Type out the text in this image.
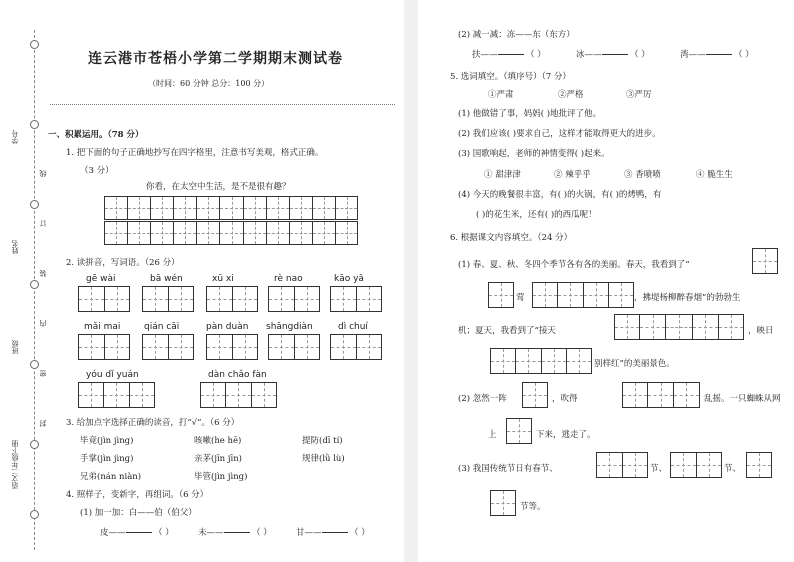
学号
姓名
班级
语文二年级下册
线
订
装
内
密
封
连云港市苍梧小学第二学期期末测试卷
（时间：60 分钟 总分：100 分）
一、积累运用。（78 分）
1. 把下面的句子正确地抄写在四字格里，注意书写美观，格式正确。
（3 分）
你看，在太空中生活，是不是很有趣？
2. 读拼音，写词语。（26 分）
gē wài	bā wén	xū xi	rè nao	kāo yā
mǎi mai	qián cāi	pàn duàn shāngdiàn	dì chuí
yóu dǐ yuán	dàn chǎo fàn
3. 给加点字选择正确的读音，打“√”。（6 分）
毕竟(jìn jìng)	咳嗽(he hē)	提防(dī tí)
手掌(jìn jìng)	亲茅(jīn jīn)	规律(lǜ lù)
兄弟(nán niàn)	毕管(jìn jìng)
4. 照样子，变新字，再组词。（6 分）
(1) 加一加：白——伯（伯父）
皮——	（ ）	未——	（ ）	甘——	（ ）
(2) 减一减：冻——东（东方）
扶——	（ ）	冰——	（ ）	湾——	（ ）
5. 选词填空。（填序号）（7 分）
①严肃	②严格	③严厉
(1) 他做错了事，妈妈( )地批评了他。
(2) 我们应该( )要求自己，这样才能取得更大的进步。
(3) 国歌响起，老师的神情变得( )起来。
① 甜津津	② 辣乎乎	③ 香喷喷	④ 脆生生
(4) 今天的晚餐很丰富，有( )的火锅，有( )的烤鸭，有
( )的花生米，还有( )的西瓜呢！
6. 根据课文内容填空。（24 分）
(1) 春、夏、秋、冬四个季节各有各的美丽。春天，我看到了“
莺	，拂堤杨柳醉春烟”的勃勃生
机；夏天，我看到了“接天	，映日
别样红”的美丽景色。
(2) 忽然一阵	，吹得	乱摇。一只蜘蛛从网
上	下来，逃走了。
(3) 我国传统节日有春节、	节、	节、
节等。
